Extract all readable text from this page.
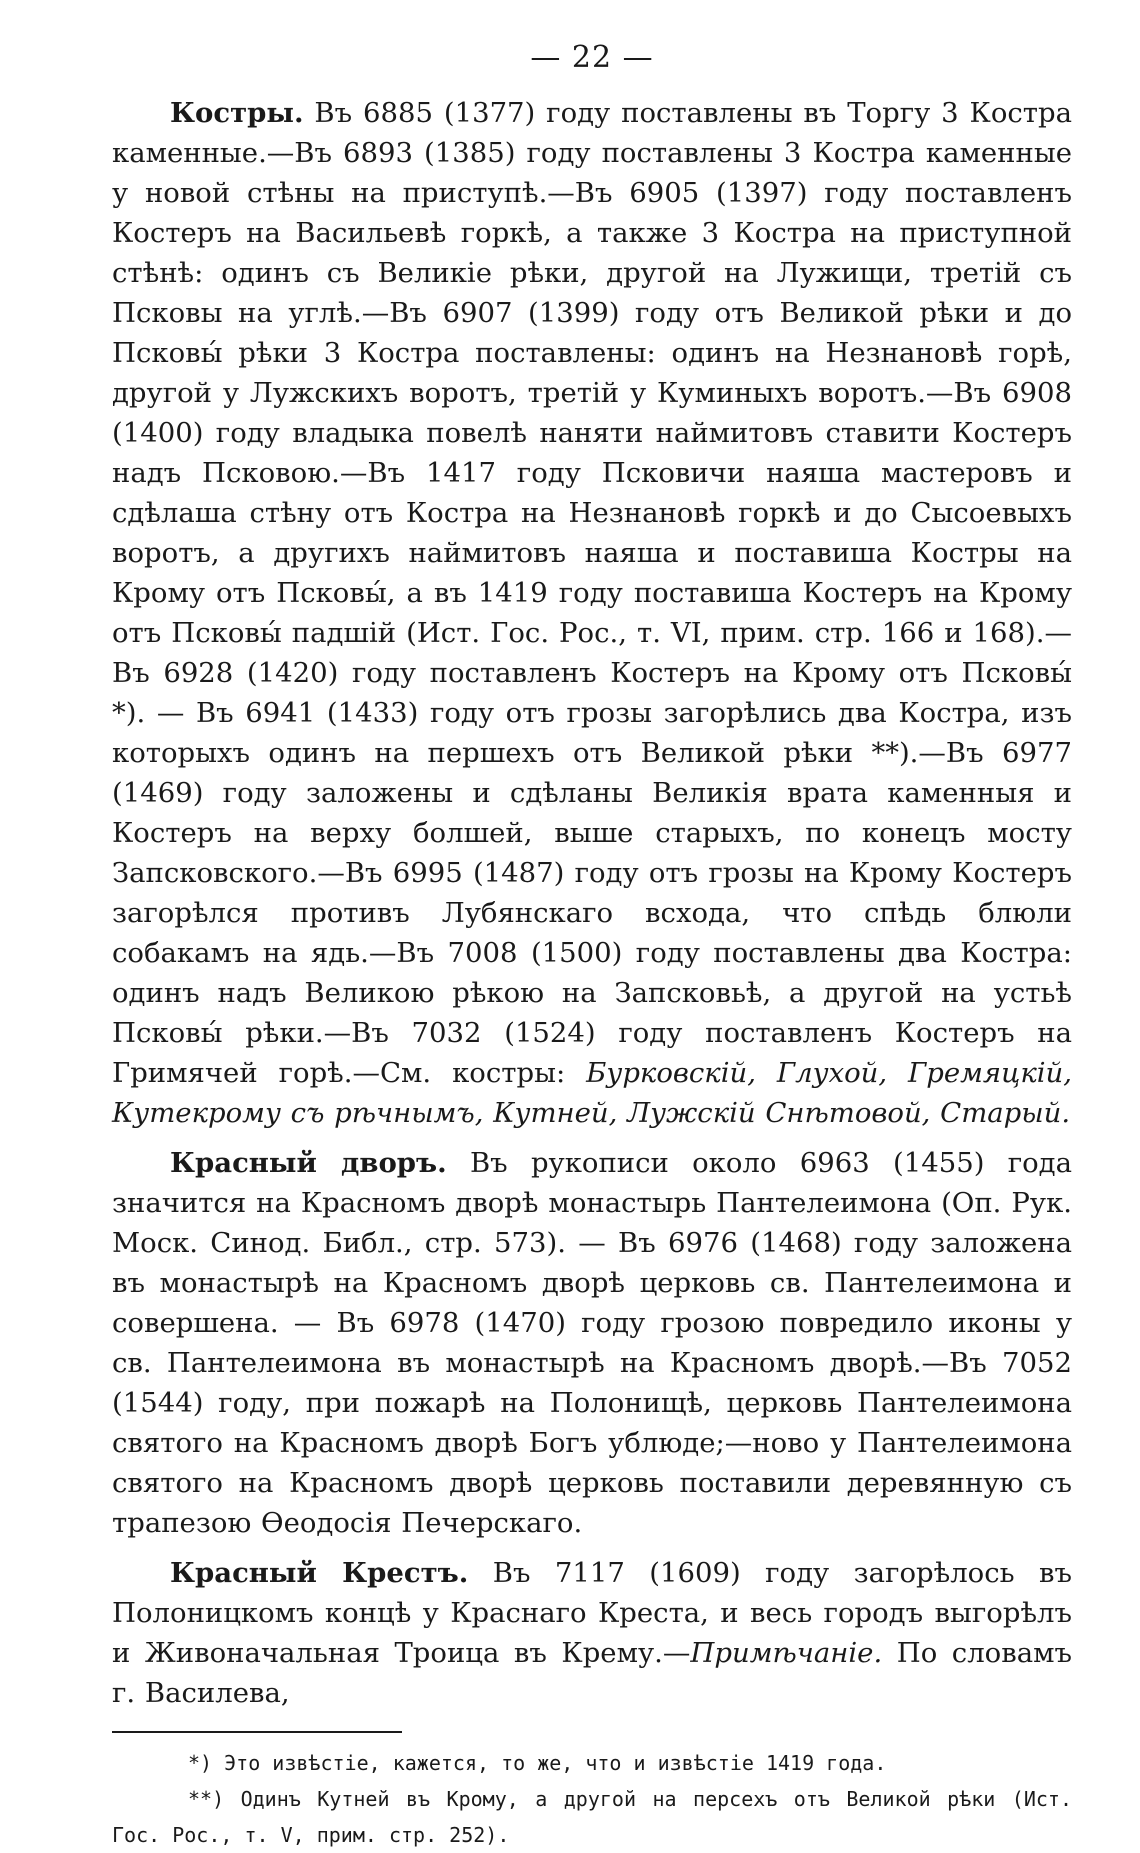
— 22 —

Костры. Въ 6885 (1377) году поставлены въ Торгу 3 Костра каменные.—Въ 6893 (1385) году поставлены 3 Костра каменные у новой стѣны на приступѣ.—Въ 6905 (1397) году поставленъ Костеръ на Васильевѣ горкѣ, а также 3 Костра на приступной стѣнѣ: одинъ съ Великіе рѣки, другой на Лужищи, третій съ Псковы на углѣ.—Въ 6907 (1399) году отъ Великой рѣки и до Псковы́ рѣки 3 Костра поставлены: одинъ на Незнановѣ горѣ, другой у Лужскихъ воротъ, третій у Куминыхъ воротъ.—Въ 6908 (1400) году владыка повелѣ наняти наймитовъ ставити Костеръ надъ Псковою.—Въ 1417 году Псковичи наяша мастеровъ и сдѣлаша стѣну отъ Костра на Незнановѣ горкѣ и до Сысоевыхъ воротъ, а другихъ наймитовъ наяша и поставиша Костры на Крому отъ Псковы́, а въ 1419 году поставиша Костеръ на Крому отъ Псковы́ падшій (Ист. Гос. Рос., т. VI, прим. стр. 166 и 168).—Въ 6928 (1420) году поставленъ Костеръ на Крому отъ Псковы́ *). — Въ 6941 (1433) году отъ грозы загорѣлись два Костра, изъ которыхъ одинъ на першехъ отъ Великой рѣки **).—Въ 6977 (1469) году заложены и сдѣланы Великія врата каменныя и Костеръ на верху болшей, выше старыхъ, по конецъ мосту Запсковского.—Въ 6995 (1487) году отъ грозы на Крому Костеръ загорѣлся противъ Лубянскаго всхода, что спѣдь блюли собакамъ на ядь.—Въ 7008 (1500) году поставлены два Костра: одинъ надъ Великою рѣкою на Запсковьѣ, а другой на устьѣ Псковы́ рѣки.—Въ 7032 (1524) году поставленъ Костеръ на Гримячей горѣ.—См. костры: Бурковскій, Глухой, Гремяцкій, Кутекрому съ рѣчнымъ, Кутней, Лужскій Снѣтовой, Старый.

Красный дворъ. Въ рукописи около 6963 (1455) года значится на Красномъ дворѣ монастырь Пантелеимона (Оп. Рук. Моск. Синод. Библ., стр. 573). — Въ 6976 (1468) году заложена въ монастырѣ на Красномъ дворѣ церковь св. Пантелеимона и совершена. — Въ 6978 (1470) году грозою повредило иконы у св. Пантелеимона въ монастырѣ на Красномъ дворѣ.—Въ 7052 (1544) году, при пожарѣ на Полонищѣ, церковь Пантелеимона святого на Красномъ дворѣ Богъ ублюде;—ново у Пантелеимона святого на Красномъ дворѣ церковь поставили деревянную съ трапезою Ѳеодосія Печерскаго.

Красный Крестъ. Въ 7117 (1609) году загорѣлось въ Полоницкомъ концѣ у Краснаго Креста, и весь городъ выгорѣлъ и Живоначальная Троица въ Крему.—Примѣчаніе. По словамъ г. Василева,

*) Это извѣстіе, кажется, то же, что и извѣстіе 1419 года.

**) Одинъ Кутней въ Крому, а другой на персехъ отъ Великой рѣки (Ист. Гос. Рос., т. V, прим. стр. 252).
